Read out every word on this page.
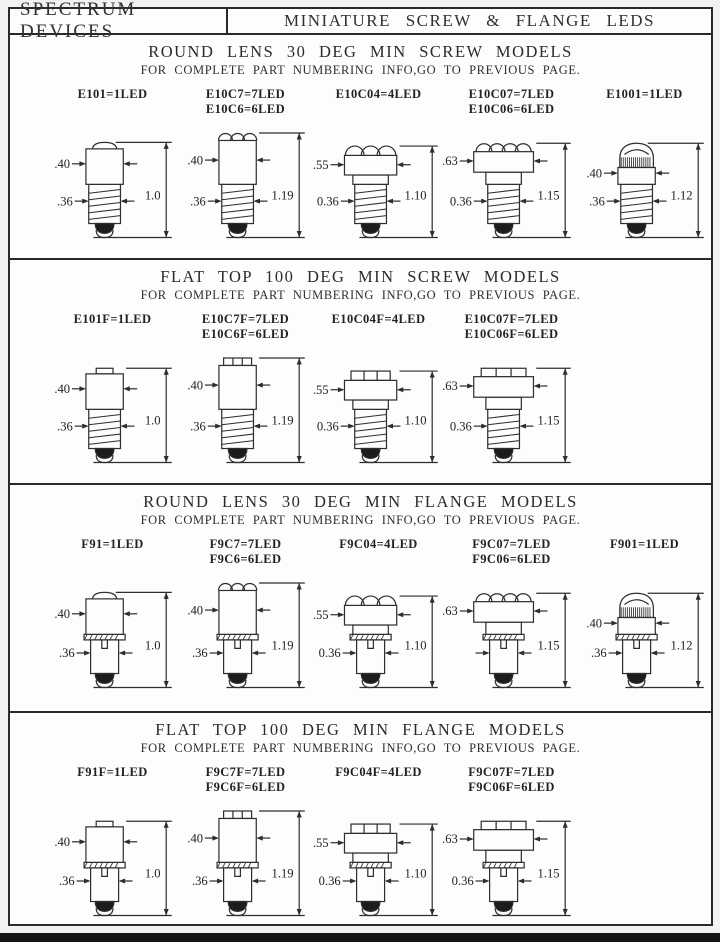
SPECTRUM DEVICES
MINIATURE SCREW & FLANGE LEDS
ROUND LENS 30 DEG MIN SCREW MODELS
FOR COMPLETE PART NUMBERING INFO,GO TO PREVIOUS PAGE.
E101=1LED
1.0
.40
.36
E10C7=7LED
E10C6=6LED
1.19
.40
.36
E10C04=4LED
1.10
.55
0.36
E10C07=7LED
E10C06=6LED
1.15
.63
0.36
E1001=1LED
1.12
.40
.36
FLAT TOP 100 DEG MIN SCREW MODELS
FOR COMPLETE PART NUMBERING INFO,GO TO PREVIOUS PAGE.
E101F=1LED
1.0
.40
.36
E10C7F=7LED
E10C6F=6LED
1.19
.40
.36
E10C04F=4LED
1.10
.55
0.36
E10C07F=7LED
E10C06F=6LED
1.15
.63
0.36
ROUND LENS 30 DEG MIN FLANGE MODELS
FOR COMPLETE PART NUMBERING INFO,GO TO PREVIOUS PAGE.
F91=1LED
1.0
.40
.36
F9C7=7LED
F9C6=6LED
1.19
.40
.36
F9C04=4LED
1.10
.55
0.36
F9C07=7LED
F9C06=6LED
1.15
.63
F901=1LED
1.12
.40
.36
FLAT TOP 100 DEG MIN FLANGE MODELS
FOR COMPLETE PART NUMBERING INFO,GO TO PREVIOUS PAGE.
F91F=1LED
1.0
.40
.36
F9C7F=7LED
F9C6F=6LED
1.19
.40
.36
F9C04F=4LED
1.10
.55
0.36
F9C07F=7LED
F9C06F=6LED
1.15
.63
0.36
